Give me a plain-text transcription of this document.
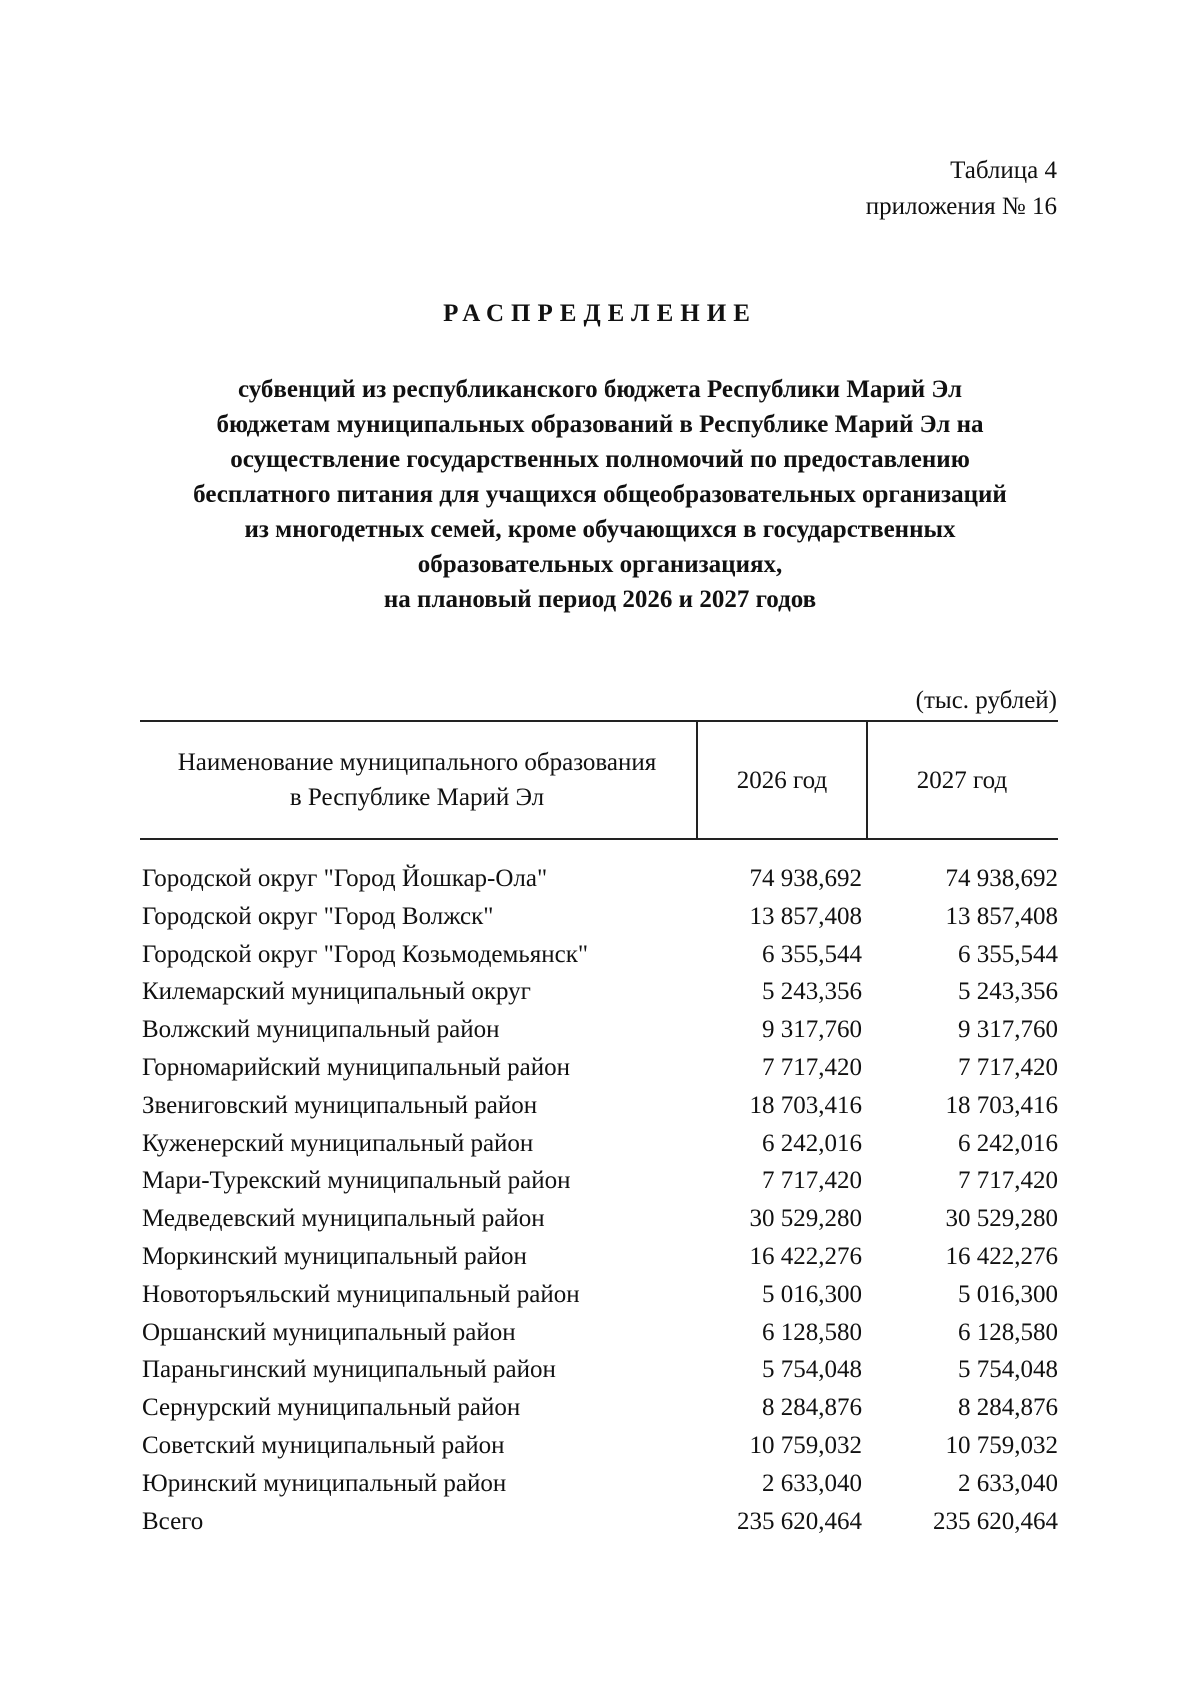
Таблица 4
приложения № 16
РАСПРЕДЕЛЕНИЕ
субвенций из республиканского бюджета Республики Марий Эл
бюджетам муниципальных образований в Республике Марий Эл на
осуществление государственных полномочий по предоставлению
бесплатного питания для учащихся общеобразовательных организаций
из многодетных семей, кроме обучающихся в государственных
образовательных организациях,
на плановый период 2026 и 2027 годов
(тыс. рублей)
Наименование муниципального образования
в Республике Марий Эл
2026 год	2027 год
Городской округ "Город Йошкар-Ола"	74 938,692	74 938,692
Городской округ "Город Волжск"	13 857,408	13 857,408
Городской округ "Город Козьмодемьянск"	6 355,544	6 355,544
Килемарский муниципальный округ	5 243,356	5 243,356
Волжский муниципальный район	9 317,760	9 317,760
Горномарийский муниципальный район	7 717,420	7 717,420
Звениговский муниципальный район	18 703,416	18 703,416
Куженерский муниципальный район	6 242,016	6 242,016
Мари-Турекский муниципальный район	7 717,420	7 717,420
Медведевский муниципальный район	30 529,280	30 529,280
Моркинский муниципальный район	16 422,276	16 422,276
Новоторъяльский муниципальный район	5 016,300	5 016,300
Оршанский муниципальный район	6 128,580	6 128,580
Параньгинский муниципальный район	5 754,048	5 754,048
Сернурский муниципальный район	8 284,876	8 284,876
Советский муниципальный район	10 759,032	10 759,032
Юринский муниципальный район	2 633,040	2 633,040
Всего	235 620,464	235 620,464
